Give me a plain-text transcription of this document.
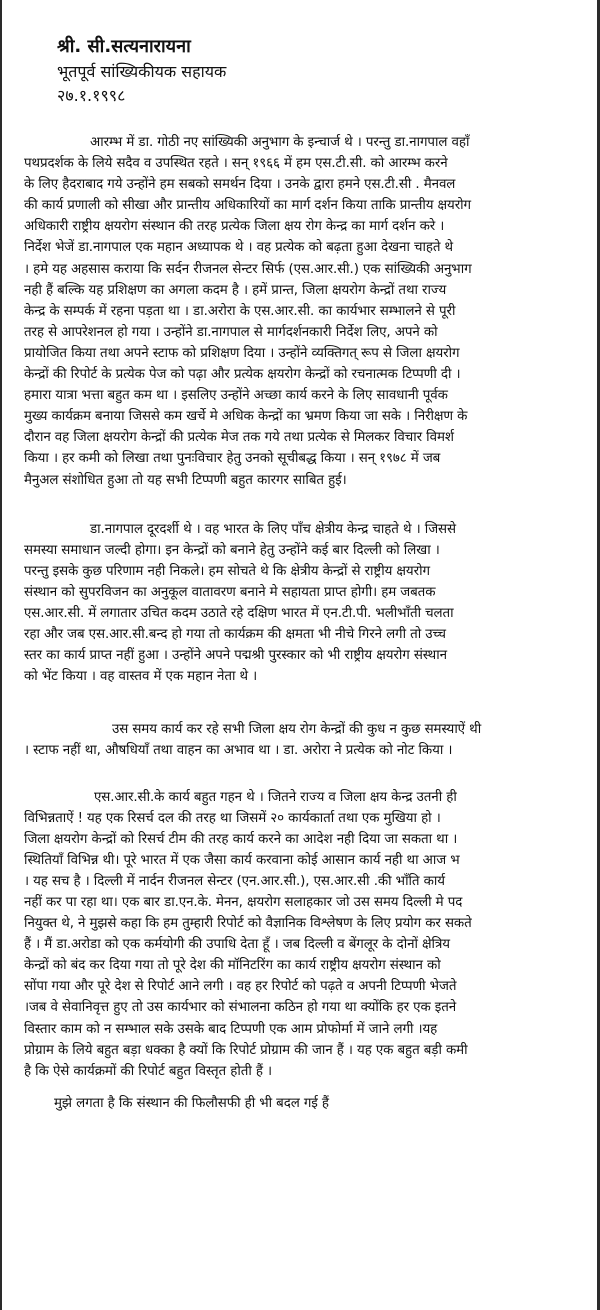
श्री. सी.सत्यनारायना

भूतपूर्व सांख्यिकीयक सहायक

२७.१.१९९८

आरम्भ में डा. गोठी नए सांख्यिकी अनुभाग के इन्चार्ज थे । परन्तु डा.नागपाल वहाँ
पथप्रदर्शक के लिये सदैव व उपस्थित रहते । सन् १९६६ में हम एस.टी.सी. को आरम्भ करने
के लिए हैदराबाद गये उन्होंने हम सबको समर्थन दिया । उनके द्वारा हमने एस.टी.सी . मैनवल
की कार्य प्रणाली को सीखा और प्रान्तीय अधिकारियों का मार्ग दर्शन किया ताकि प्रान्तीय क्षयरोग
अधिकारी राष्ट्रीय क्षयरोग संस्थान की तरह प्रत्येक जिला क्षय रोग केन्द्र का मार्ग दर्शन करे ।
निर्देश भेजें डा.नागपाल एक महान अध्यापक थे । वह प्रत्येक को बढ़ता हुआ देखना चाहते थे
। हमे यह अहसास कराया कि सर्दन रीजनल सेन्टर सिर्फ (एस.आर.सी.) एक सांख्यिकी अनुभाग
नही हैं बल्कि यह प्रशिक्षण का अगला कदम है । हमें प्रान्त, जिला क्षयरोग केन्द्रों तथा राज्य
केन्द्र के सम्पर्क में रहना पड़ता था । डा.अरोरा के एस.आर.सी. का कार्यभार सम्भालने से पूरी
तरह से आपरेशनल हो गया । उन्होंने डा.नागपाल से मार्गदर्शनकारी निर्देश लिए, अपने को
प्रायोजित किया तथा अपने स्टाफ को प्रशिक्षण दिया । उन्होंने व्यक्तिगत् रूप से जिला क्षयरोग
केन्द्रों की रिपोर्ट के प्रत्येक पेज को पढ़ा और प्रत्येक क्षयरोग केन्द्रों को रचनात्मक टिप्पणी दी ।
हमारा यात्रा भत्ता बहुत कम था । इसलिए उन्होंने अच्छा कार्य करने के लिए सावधानी पूर्वक
मुख्य कार्यक्रम बनाया जिससे कम खर्चे मे अधिक केन्द्रों का भ्रमण किया जा सके । निरीक्षण के
दौरान वह जिला क्षयरोग केन्द्रों की प्रत्येक मेज तक गये तथा प्रत्येक से मिलकर विचार विमर्श
किया । हर कमी को लिखा तथा पुनःविचार हेतु उनको सूचीबद्ध किया । सन् १९७८ में जब
मैनुअल संशोधित हुआ तो यह सभी टिप्पणी बहुत कारगर साबित हुई।
डा.नागपाल दूरदर्शी थे । वह भारत के लिए पाँच क्षेत्रीय केन्द्र चाहते थे । जिससे
समस्या समाधान जल्दी होगा। इन केन्द्रों को बनाने हेतु उन्होंने कई बार दिल्ली को लिखा ।
परन्तु इसके कुछ परिणाम नही निकले। हम सोचते थे कि क्षेत्रीय केन्द्रों से राष्ट्रीय क्षयरोग
संस्थान को सुपरविजन का अनुकूल वातावरण बनाने मे सहायता प्राप्त होगी। हम जबतक
एस.आर.सी. में लगातार उचित कदम उठाते रहे दक्षिण भारत में एन.टी.पी. भलीभाँती चलता
रहा और जब एस.आर.सी.बन्द हो गया तो कार्यक्रम की क्षमता भी नीचे गिरने लगी तो उच्च
स्तर का कार्य प्राप्त नहीं हुआ । उन्होंने अपने पद्मश्री पुरस्कार को भी राष्ट्रीय क्षयरोग संस्थान
को भेंट किया । वह वास्तव में एक महान नेता थे ।
उस समय कार्य कर रहे सभी जिला क्षय रोग केन्द्रों की कुध न कुछ समस्याऐं थी
। स्टाफ नहीं था, औषधियाँ तथा वाहन का अभाव था । डा. अरोरा ने प्रत्येक को नोट किया ।
एस.आर.सी.के कार्य बहुत गहन थे । जितने राज्य व जिला क्षय केन्द्र उतनी ही
विभिन्नताऐं ! यह एक रिसर्च दल की तरह था जिसमें २० कार्यकार्ता तथा एक मुखिया हो ।
जिला क्षयरोग केन्द्रों को रिसर्च टीम की तरह कार्य करने का आदेश नही दिया जा सकता था ।
स्थितियाँ विभिन्न थी। पूरे भारत में एक जैसा कार्य करवाना कोई आसान कार्य नही था आज भ
। यह सच है । दिल्ली में नार्दन रीजनल सेन्टर (एन.आर.सी.), एस.आर.सी .की भाँति कार्य
नहीं कर पा रहा था। एक बार डा.एन.के. मेनन, क्षयरोग सलाहकार जो उस समय दिल्ली मे पद
नियुक्त थे, ने मुझसे कहा कि हम तुम्हारी रिपोर्ट को वैज्ञानिक विश्लेषण के लिए प्रयोग कर सकते
हैं । मैं डा.अरोडा को एक कर्मयोगी की उपाधि देता हूँ । जब दिल्ली व बेंगलूर के दोनों क्षेत्रिय
केन्द्रों को बंद कर दिया गया तो पूरे देश की मॉनिटरिंग का कार्य राष्ट्रीय क्षयरोग संस्थान को
सोंपा गया और पूरे देश से रिपोर्ट आने लगी । वह हर रिपोर्ट को पढ़ते व अपनी टिप्पणी भेजते
।जब वे सेवानिवृत्त हुए तो उस कार्यभार को संभालना कठिन हो गया था क्योंकि हर एक इतने
विस्तार काम को न सम्भाल सके उसके बाद टिप्पणी एक आम प्रोफोर्मा में जाने लगी ।यह
प्रोग्राम के लिये बहुत बड़ा धक्का है क्यों कि रिपोर्ट प्रोग्राम की जान हैं । यह एक बहुत बड़ी कमी
है कि ऐसे कार्यक्रमों की रिपोर्ट बहुत विस्तृत होती हैं ।
मुझे लगता है कि संस्थान की फिलौसफी ही भी बदल गई हैं
